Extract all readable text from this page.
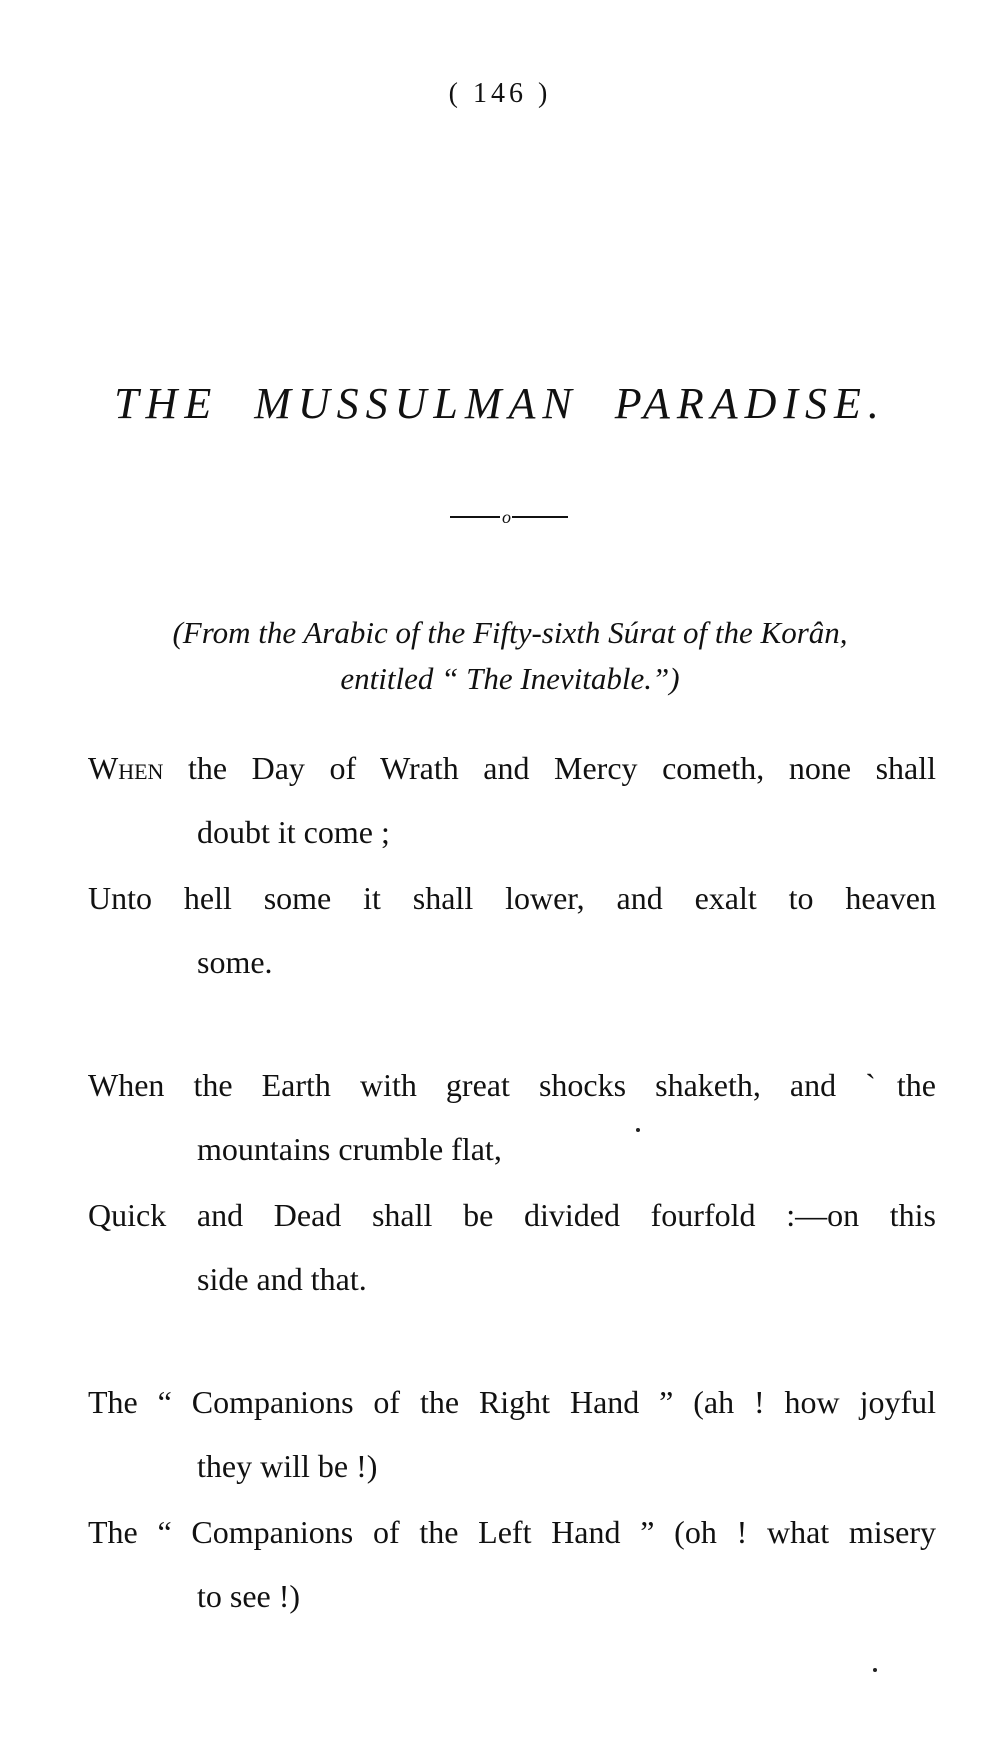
( 146 )
THE MUSSULMAN PARADISE.
o
(From the Arabic of the Fifty-sixth Súrat of the Korân,
entitled “ The Inevitable.”)
When the Day of Wrath and Mercy cometh, none shall
doubt it come ;
Unto hell some it shall lower, and exalt to heaven
some.
When the Earth with great shocks shaketh, and ˋthe
mountains crumble flat,
Quick and Dead shall be divided fourfold :—on this
side and that.
The “ Companions of the Right Hand ” (ah ! how joyful
they will be !)
The “ Companions of the Left Hand ” (oh ! what misery
to see !)
